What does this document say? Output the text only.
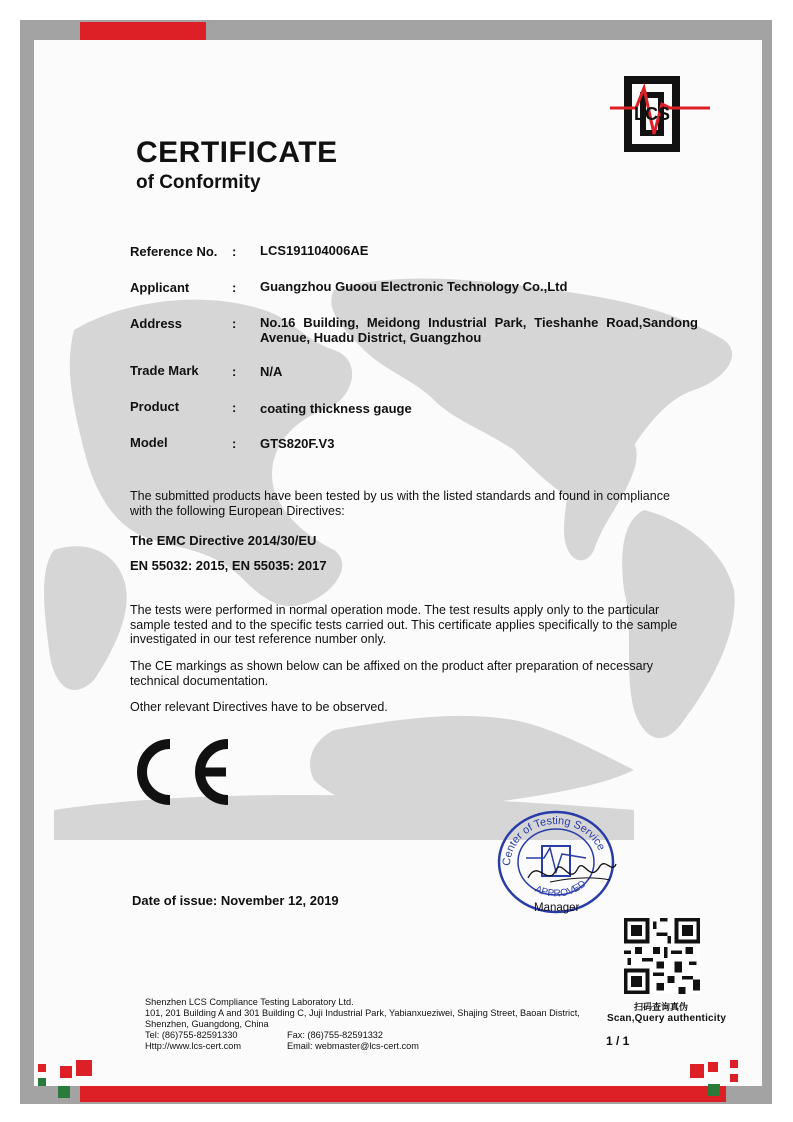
LCS
CERTIFICATE
of Conformity
Reference No. : LCS191104006AE
Applicant	: Guangzhou Guoou Electronic Technology Co.,Ltd
Address	: No.16 Building, Meidong Industrial Park, Tieshanhe Road,Sandong Avenue, Huadu District, Guangzhou
Trade Mark	: N/A
Product	: coating thickness gauge
Model	: GTS820F.V3
The submitted products have been tested by us with the listed standards and found in compliance with the following European Directives:
The EMC Directive 2014/30/EU
EN 55032: 2015, EN 55035: 2017
The tests were performed in normal operation mode. The test results apply only to the particular sample tested and to the specific tests carried out. This certificate applies specifically to the sample investigated in our test reference number only.
The CE markings as shown below can be affixed on the product after preparation of necessary technical documentation.
Other relevant Directives have to be observed.
Center of Testing Service
APPROVED
Manager
Date of issue: November 12, 2019
扫码查询真伪
Scan,Query authenticity
1 / 1
Shenzhen LCS Compliance Testing Laboratory Ltd.
101, 201 Building A and 301 Building C, Juji Industrial Park, Yabianxueziwei, Shajing Street, Baoan District,
Shenzhen, Guangdong, China
Tel: (86)755-82591330	Fax: (86)755-82591332
Http://www.lcs-cert.com	Email: webmaster@lcs-cert.com
